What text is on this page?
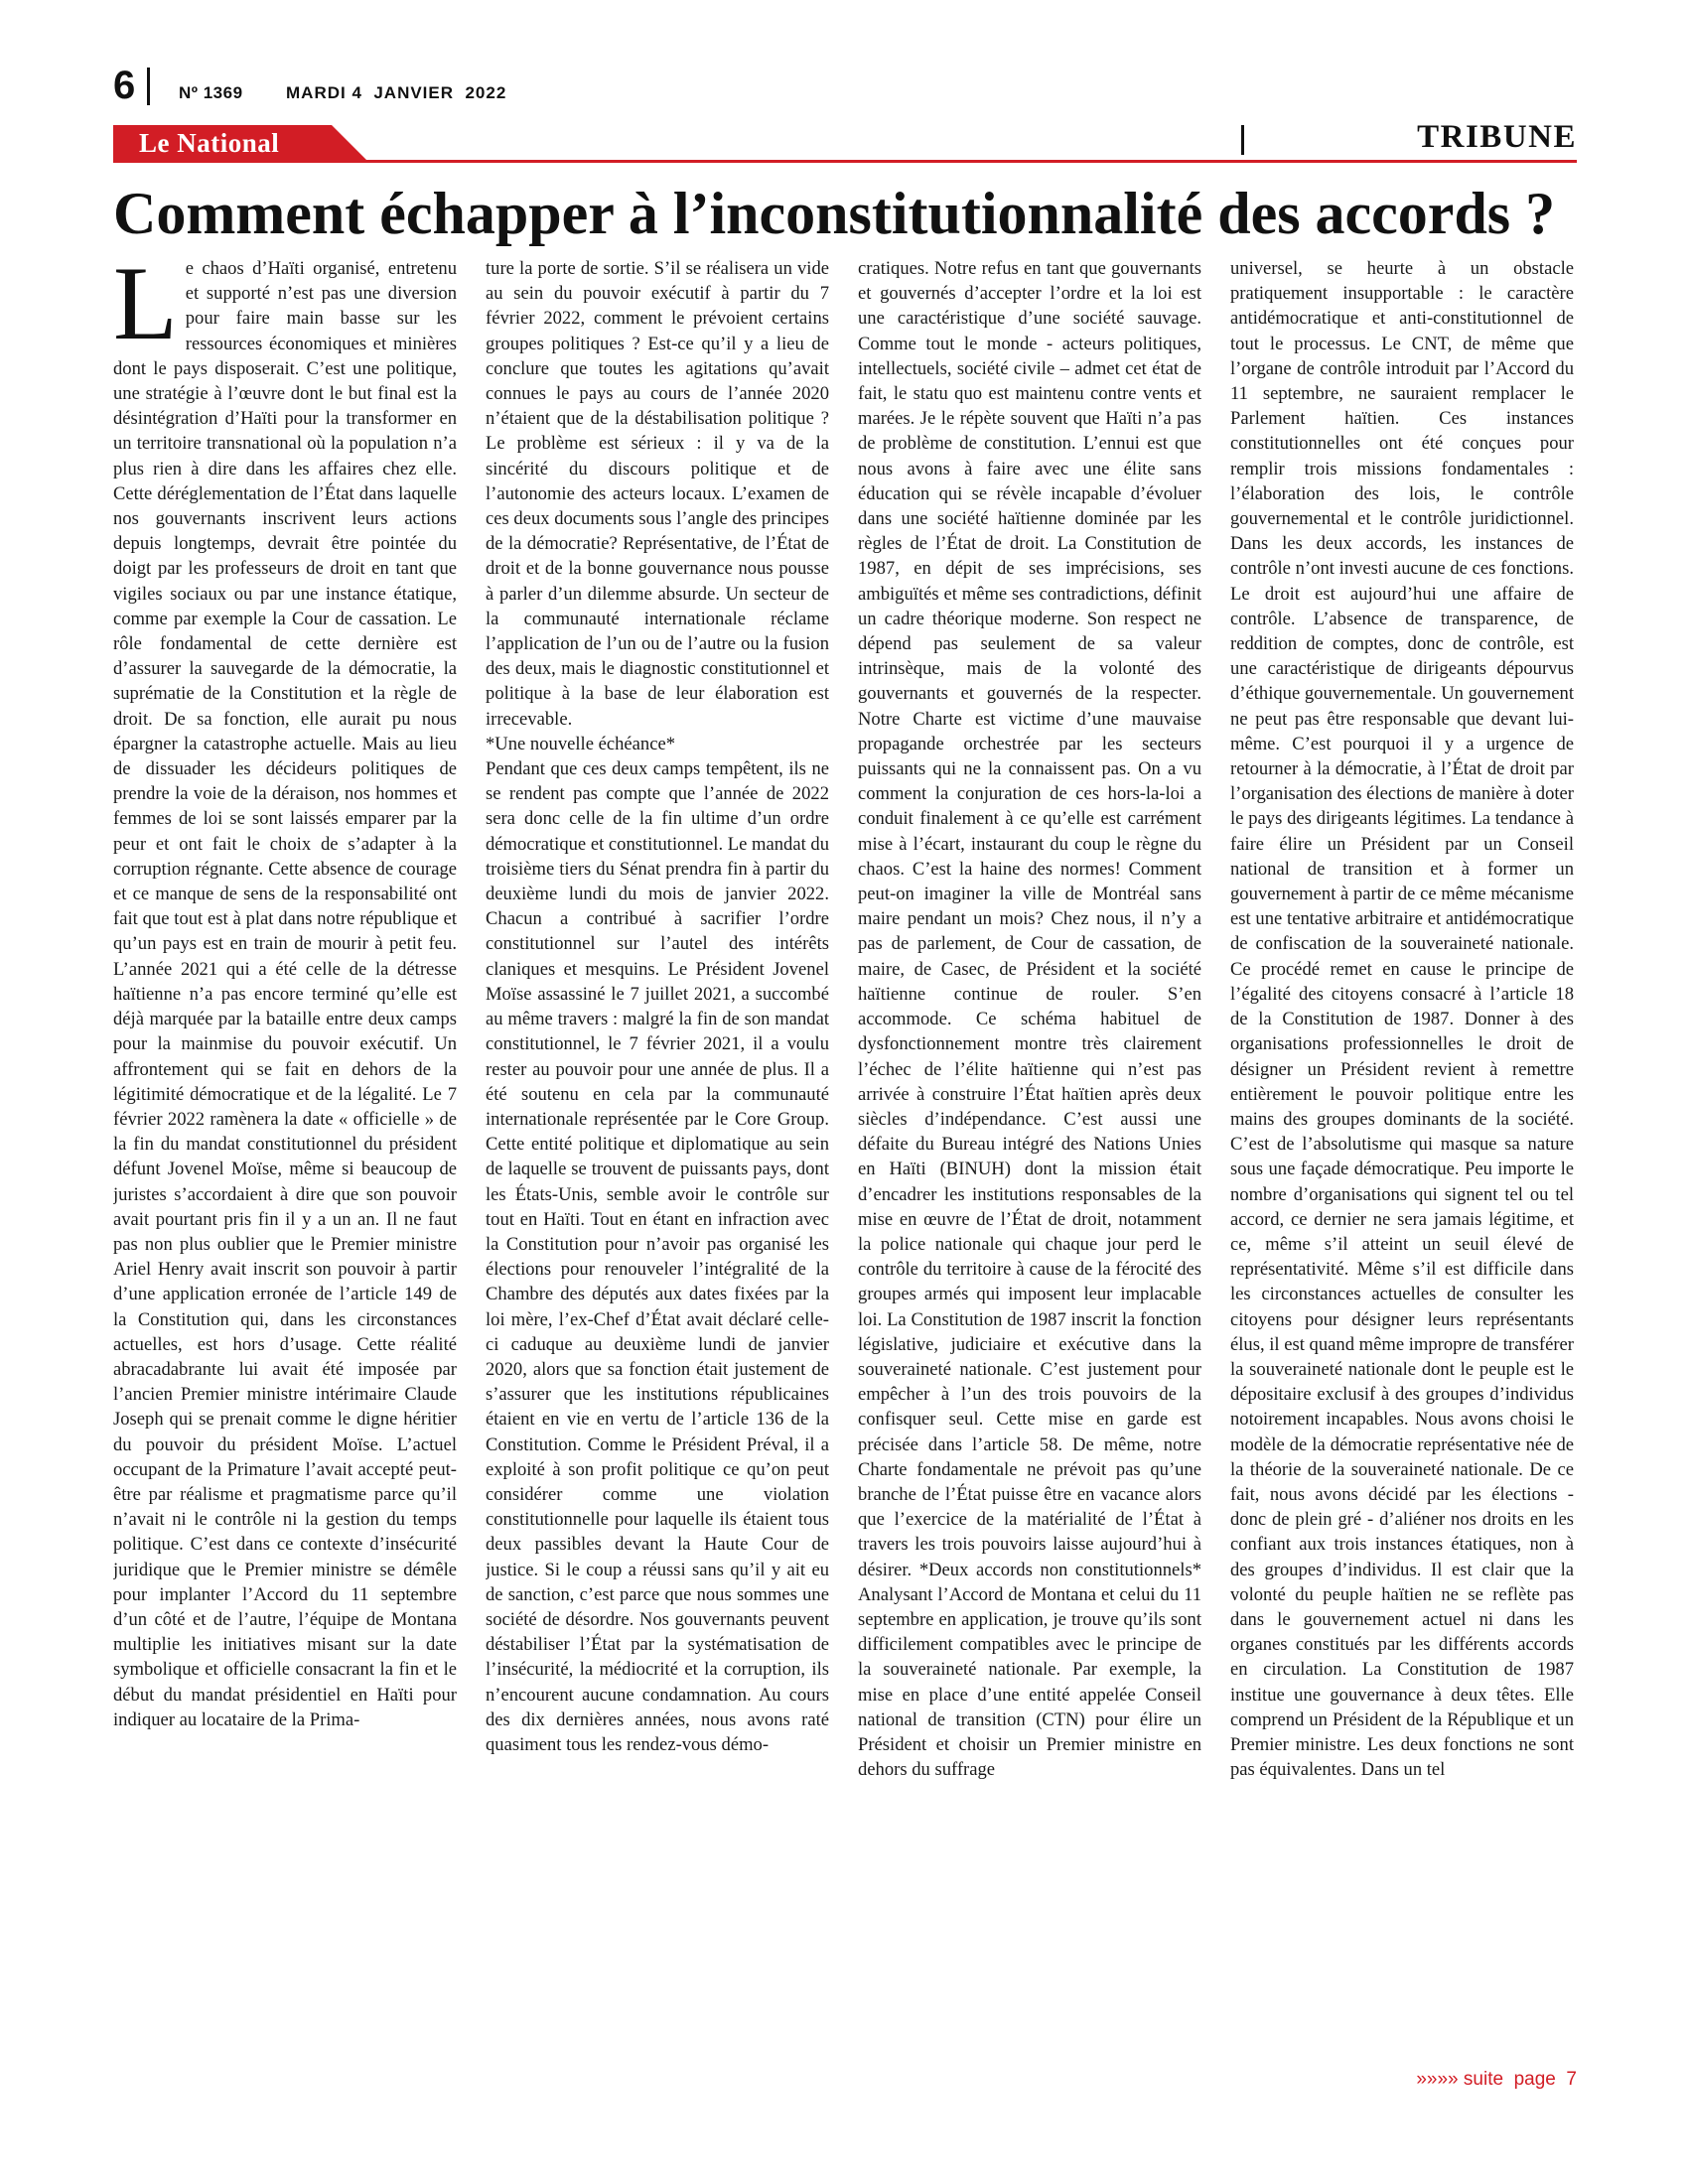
6	Nº 1369	MARDI 4  JANVIER  2022
Le National	TRIBUNE
Comment échapper à l’inconstitutionnalité des accords ?

Le chaos d’Haïti organisé, entretenu et supporté n’est pas une diversion pour faire main basse sur les ressources économiques et minières dont le pays disposerait. C’est une politique, une stratégie à l’œuvre dont le but final est la désintégration d’Haïti pour la transformer en un territoire transnational où la population n’a plus rien à dire dans les affaires chez elle. Cette déréglementation de l’État dans laquelle nos gouvernants inscrivent leurs actions depuis longtemps, devrait être pointée du doigt par les professeurs de droit en tant que vigiles sociaux ou par une instance étatique, comme par exemple la Cour de cassation. Le rôle fondamental de cette dernière est d’assurer la sauvegarde de la démocratie, la suprématie de la Constitution et la règle de droit. De sa fonction, elle aurait pu nous épargner la catastrophe actuelle. Mais au lieu de dissuader les décideurs politiques de prendre la voie de la déraison, nos hommes et femmes de loi se sont laissés emparer par la peur et ont fait le choix de s’adapter à la corruption régnante. Cette absence de courage et ce manque de sens de la responsabilité ont fait que tout est à plat dans notre république et qu’un pays est en train de mourir à petit feu. L’année 2021 qui a été celle de la détresse haïtienne n’a pas encore terminé qu’elle est déjà marquée par la bataille entre deux camps pour la mainmise du pouvoir exécutif. Un affrontement qui se fait en dehors de la légitimité démocratique et de la légalité. Le 7 février 2022 ramènera la date « officielle » de la fin du mandat constitutionnel du président défunt Jovenel Moïse, même si beaucoup de juristes s’accordaient à dire que son pouvoir avait pourtant pris fin il y a un an. Il ne faut pas non plus oublier que le Premier ministre Ariel Henry avait inscrit son pouvoir à partir d’une application erronée de l’article 149 de la Constitution qui, dans les circonstances actuelles, est hors d’usage. Cette réalité abracadabrante lui avait été imposée par l’ancien Premier ministre intérimaire Claude Joseph qui se prenait comme le digne héritier du pouvoir du président Moïse. L’actuel occupant de la Primature l’avait accepté peut-être par réalisme et pragmatisme parce qu’il n’avait ni le contrôle ni la gestion du temps politique. C’est dans ce contexte d’insécurité juridique que le Premier ministre se démêle pour implanter l’Accord du 11 septembre d’un côté et de l’autre, l’équipe de Montana multiplie les initiatives misant sur la date symbolique et officielle consacrant la fin et le début du mandat présidentiel en Haïti pour indiquer au locataire de la Prima-

ture la porte de sortie. S’il se réalisera un vide au sein du pouvoir exécutif à partir du 7 février 2022, comment le prévoient certains groupes politiques ? Est-ce qu’il y a lieu de conclure que toutes les agitations qu’avait connues le pays au cours de l’année 2020 n’étaient que de la déstabilisation politique ? Le problème est sérieux : il y va de la sincérité du discours politique et de l’autonomie des acteurs locaux. L’examen de ces deux documents sous l’angle des principes de la démocratie? Représentative, de l’État de droit et de la bonne gouvernance nous pousse à parler d’un dilemme absurde. Un secteur de la communauté internationale réclame l’application de l’un ou de l’autre ou la fusion des deux, mais le diagnostic constitutionnel et politique à la base de leur élaboration est irrecevable.

*Une nouvelle échéance*

Pendant que ces deux camps tempêtent, ils ne se rendent pas compte que l’année de 2022 sera donc celle de la fin ultime d’un ordre démocratique et constitutionnel. Le mandat du troisième tiers du Sénat prendra fin à partir du deuxième lundi du mois de janvier 2022. Chacun a contribué à sacrifier l’ordre constitutionnel sur l’autel des intérêts claniques et mesquins. Le Président Jovenel Moïse assassiné le 7 juillet 2021, a succombé au même travers : malgré la fin de son mandat constitutionnel, le 7 février 2021, il a voulu rester au pouvoir pour une année de plus. Il a été soutenu en cela par la communauté internationale représentée par le Core Group. Cette entité politique et diplomatique au sein de laquelle se trouvent de puissants pays, dont les États-Unis, semble avoir le contrôle sur tout en Haïti. Tout en étant en infraction avec la Constitution pour n’avoir pas organisé les élections pour renouveler l’intégralité de la Chambre des députés aux dates fixées par la loi mère, l’ex-Chef d’État avait déclaré celle-ci caduque au deuxième lundi de janvier 2020, alors que sa fonction était justement de s’assurer que les institutions républicaines étaient en vie en vertu de l’article 136 de la Constitution. Comme le Président Préval, il a exploité à son profit politique ce qu’on peut considérer comme une violation constitutionnelle pour laquelle ils étaient tous deux passibles devant la Haute Cour de justice. Si le coup a réussi sans qu’il y ait eu de sanction, c’est parce que nous sommes une société de désordre. Nos gouvernants peuvent déstabiliser l’État par la systématisation de l’insécurité, la médiocrité et la corruption, ils n’encourent aucune condamnation. Au cours des dix dernières années, nous avons raté quasiment tous les rendez-vous démo-

cratiques. Notre refus en tant que gouvernants et gouvernés d’accepter l’ordre et la loi est une caractéristique d’une société sauvage. Comme tout le monde - acteurs politiques, intellectuels, société civile – admet cet état de fait, le statu quo est maintenu contre vents et marées. Je le répète souvent que Haïti n’a pas de problème de constitution. L’ennui est que nous avons à faire avec une élite sans éducation qui se révèle incapable d’évoluer dans une société haïtienne dominée par les règles de l’État de droit. La Constitution de 1987, en dépit de ses imprécisions, ses ambiguïtés et même ses contradictions, définit un cadre théorique moderne. Son respect ne dépend pas seulement de sa valeur intrinsèque, mais de la volonté des gouvernants et gouvernés de la respecter. Notre Charte est victime d’une mauvaise propagande orchestrée par les secteurs puissants qui ne la connaissent pas. On a vu comment la conjuration de ces hors-la-loi a conduit finalement à ce qu’elle est carrément mise à l’écart, instaurant du coup le règne du chaos. C’est la haine des normes! Comment peut-on imaginer la ville de Montréal sans maire pendant un mois? Chez nous, il n’y a pas de parlement, de Cour de cassation, de maire, de Casec, de Président et la société haïtienne continue de rouler. S’en accommode. Ce schéma habituel de dysfonctionnement montre très clairement l’échec de l’élite haïtienne qui n’est pas arrivée à construire l’État haïtien après deux siècles d’indépendance. C’est aussi une défaite du Bureau intégré des Nations Unies en Haïti (BINUH) dont la mission était d’encadrer les institutions responsables de la mise en œuvre de l’État de droit, notamment la police nationale qui chaque jour perd le contrôle du territoire à cause de la férocité des groupes armés qui imposent leur implacable loi. La Constitution de 1987 inscrit la fonction législative, judiciaire et exécutive dans la souveraineté nationale. C’est justement pour empêcher à l’un des trois pouvoirs de la confisquer seul. Cette mise en garde est précisée dans l’article 58. De même, notre Charte fondamentale ne prévoit pas qu’une branche de l’État puisse être en vacance alors que l’exercice de la matérialité de l’État à travers les trois pouvoirs laisse aujourd’hui à désirer. *Deux accords non constitutionnels* Analysant l’Accord de Montana et celui du 11 septembre en application, je trouve qu’ils sont difficilement compatibles avec le principe de la souveraineté nationale. Par exemple, la mise en place d’une entité appelée Conseil national de transition (CTN) pour élire un Président et choisir un Premier ministre en dehors du suffrage

universel, se heurte à un obstacle pratiquement insupportable : le caractère antidémocratique et anti-constitutionnel de tout le processus. Le CNT, de même que l’organe de contrôle introduit par l’Accord du 11 septembre, ne sauraient remplacer le Parlement haïtien. Ces instances constitutionnelles ont été conçues pour remplir trois missions fondamentales : l’élaboration des lois, le contrôle gouvernemental et le contrôle juridictionnel. Dans les deux accords, les instances de contrôle n’ont investi aucune de ces fonctions. Le droit est aujourd’hui une affaire de contrôle. L’absence de transparence, de reddition de comptes, donc de contrôle, est une caractéristique de dirigeants dépourvus d’éthique gouvernementale. Un gouvernement ne peut pas être responsable que devant lui-même. C’est pourquoi il y a urgence de retourner à la démocratie, à l’État de droit par l’organisation des élections de manière à doter le pays des dirigeants légitimes. La tendance à faire élire un Président par un Conseil national de transition et à former un gouvernement à partir de ce même mécanisme est une tentative arbitraire et antidémocratique de confiscation de la souveraineté nationale. Ce procédé remet en cause le principe de l’égalité des citoyens consacré à l’article 18 de la Constitution de 1987. Donner à des organisations professionnelles le droit de désigner un Président revient à remettre entièrement le pouvoir politique entre les mains des groupes dominants de la société. C’est de l’absolutisme qui masque sa nature sous une façade démocratique. Peu importe le nombre d’organisations qui signent tel ou tel accord, ce dernier ne sera jamais légitime, et ce, même s’il atteint un seuil élevé de représentativité. Même s’il est difficile dans les circonstances actuelles de consulter les citoyens pour désigner leurs représentants élus, il est quand même impropre de transférer la souveraineté nationale dont le peuple est le dépositaire exclusif à des groupes d’individus notoirement incapables. Nous avons choisi le modèle de la démocratie représentative née de la théorie de la souveraineté nationale. De ce fait, nous avons décidé par les élections - donc de plein gré - d’aliéner nos droits en les confiant aux trois instances étatiques, non à des groupes d’individus. Il est clair que la volonté du peuple haïtien ne se reflète pas dans le gouvernement actuel ni dans les organes constitués par les différents accords en circulation. La Constitution de 1987 institue une gouvernance à deux têtes. Elle comprend un Président de la République et un Premier ministre. Les deux fonctions ne sont pas équivalentes. Dans un tel

»»»» suite  page  7
